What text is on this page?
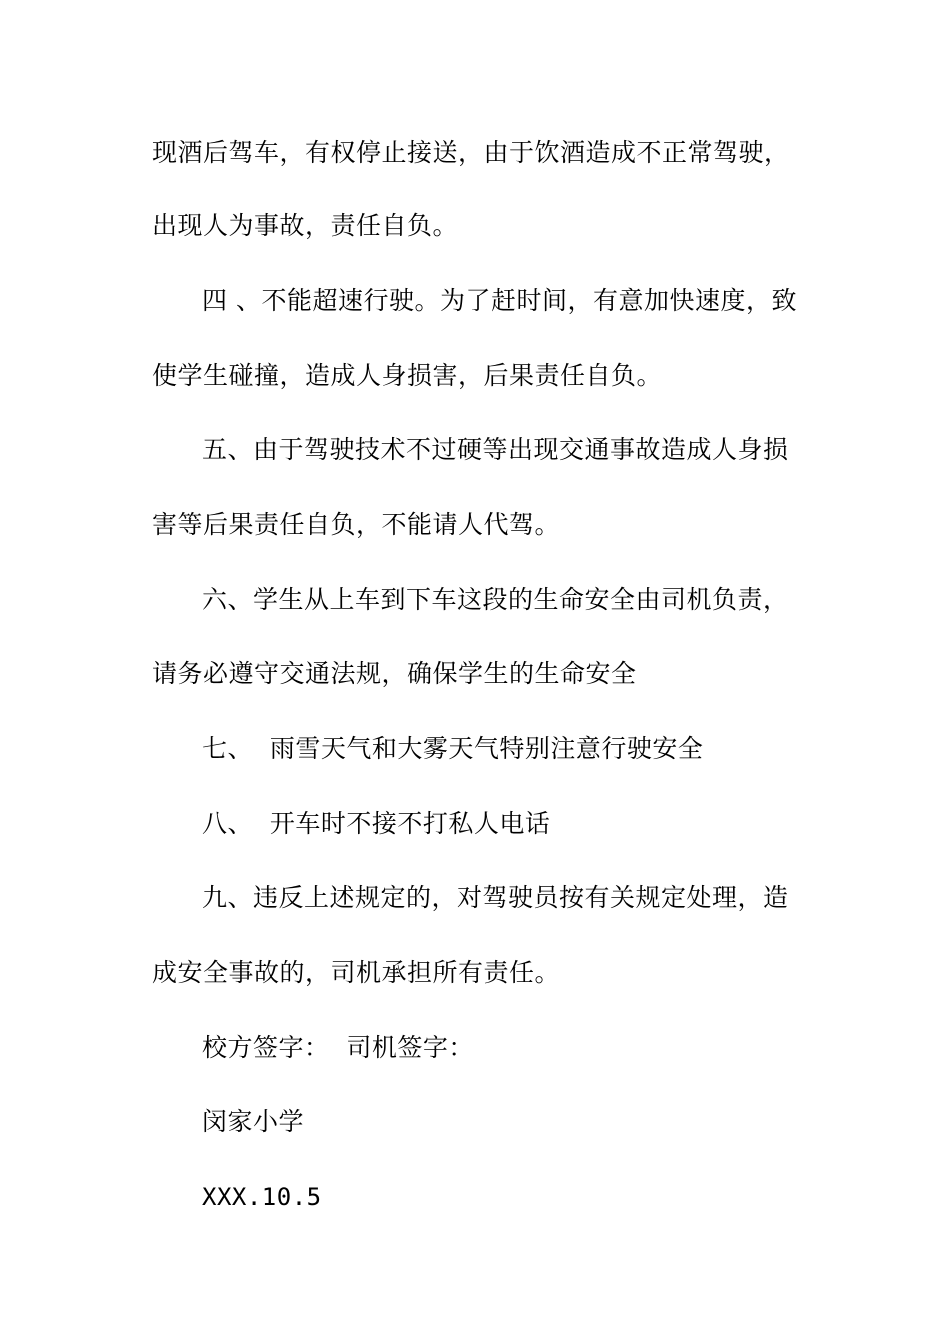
现酒后驾车，有权停止接送，由于饮酒造成不正常驾驶，
出现人为事故，责任自负。
四 、不能超速行驶。为了赶时间，有意加快速度，致
使学生碰撞，造成人身损害，后果责任自负。
五、由于驾驶技术不过硬等出现交通事故造成人身损
害等后果责任自负，不能请人代驾。
六、学生从上车到下车这段的生命安全由司机负责，
请务必遵守交通法规，确保学生的生命安全
七、  雨雪天气和大雾天气特别注意行驶安全
八、  开车时不接不打私人电话
九、违反上述规定的，对驾驶员按有关规定处理，造
成安全事故的，司机承担所有责任。
校方签字：  司机签字：
闵家小学
XXX.10.5
